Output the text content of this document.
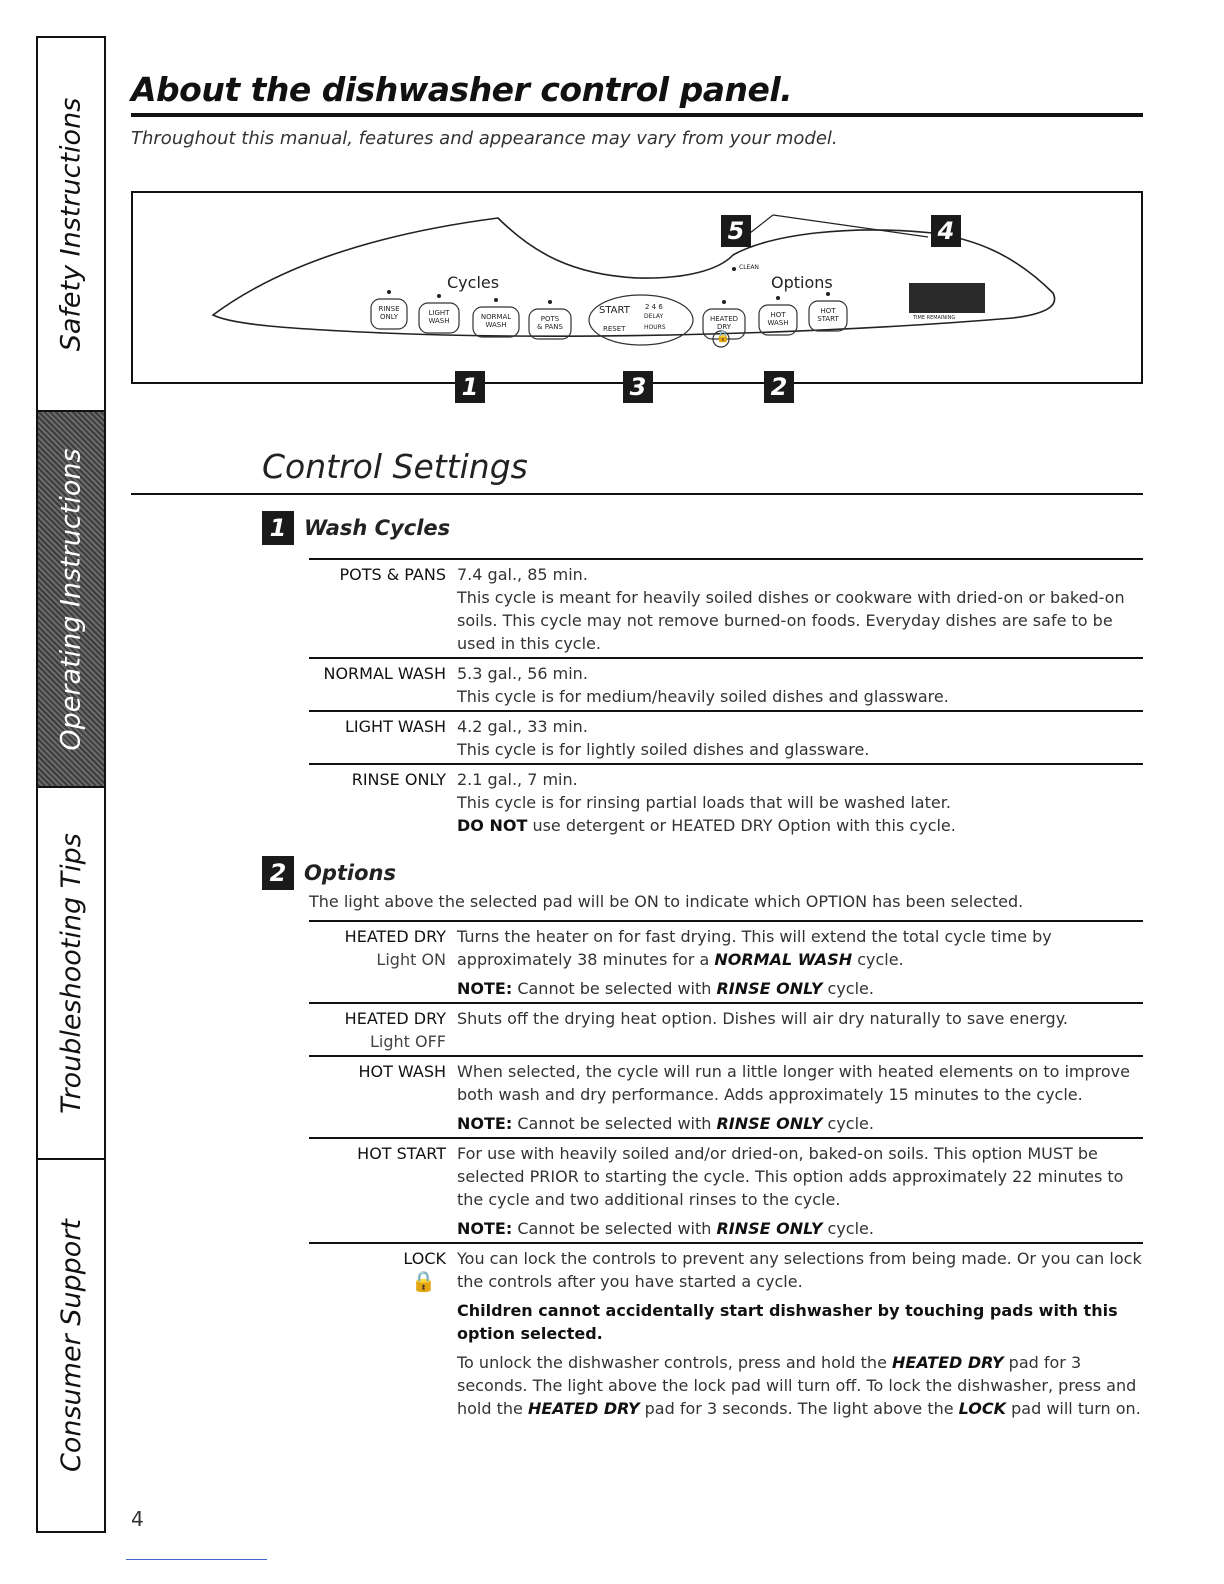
Safety Instructions
Operating Instructions
Troubleshooting Tips
Consumer Support
About the dishwasher control panel.
Throughout this manual, features and appearance may vary from your model.
5	4
1	3	2
Cycles	Options
CLEAN
TIME REMAINING
RINSE
ONLY	LIGHT
WASH	NORMAL
WASH
POTS
& PANS
START
RESET
2 4 6
DELAY
HOURS
HEATED
DRY
HOT
WASH
HOT
START
🔒
Control Settings
1 Wash Cycles
POTS & PANS 7.4 gal., 85 min.

This cycle is meant for heavily soiled dishes or cookware with dried-on or baked-on soils. This cycle may not remove burned-on foods. Everyday dishes are safe to be used in this cycle.

NORMAL WASH 5.3 gal., 56 min.

This cycle is for medium/heavily soiled dishes and glassware.

LIGHT WASH 4.2 gal., 33 min.

This cycle is for lightly soiled dishes and glassware.

RINSE ONLY 2.1 gal., 7 min.

This cycle is for rinsing partial loads that will be washed later.

DO NOT use detergent or HEATED DRY Option with this cycle.

2 Options
The light above the selected pad will be ON to indicate which OPTION has been selected.
HEATED DRY
Light ON

Turns the heater on for fast drying. This will extend the total cycle time by approximately 38 minutes for a NORMAL WASH cycle.

NOTE: Cannot be selected with RINSE ONLY cycle.

HEATED DRY
Light OFF

Shuts off the drying heat option. Dishes will air dry naturally to save energy.

HOT WASH When selected, the cycle will run a little longer with heated elements on to improve both wash and dry performance. Adds approximately 15 minutes to the cycle.

NOTE: Cannot be selected with RINSE ONLY cycle.

HOT START For use with heavily soiled and/or dried-on, baked-on soils. This option MUST be selected PRIOR to starting the cycle. This option adds approximately 22 minutes to the cycle and two additional rinses to the cycle.

NOTE: Cannot be selected with RINSE ONLY cycle.

LOCK
🔒

You can lock the controls to prevent any selections from being made. Or you can lock the controls after you have started a cycle.

Children cannot accidentally start dishwasher by touching pads with this option selected.

To unlock the dishwasher controls, press and hold the HEATED DRY pad for 3 seconds. The light above the lock pad will turn off. To lock the dishwasher, press and hold the HEATED DRY pad for 3 seconds. The light above the LOCK pad will turn on.

4
